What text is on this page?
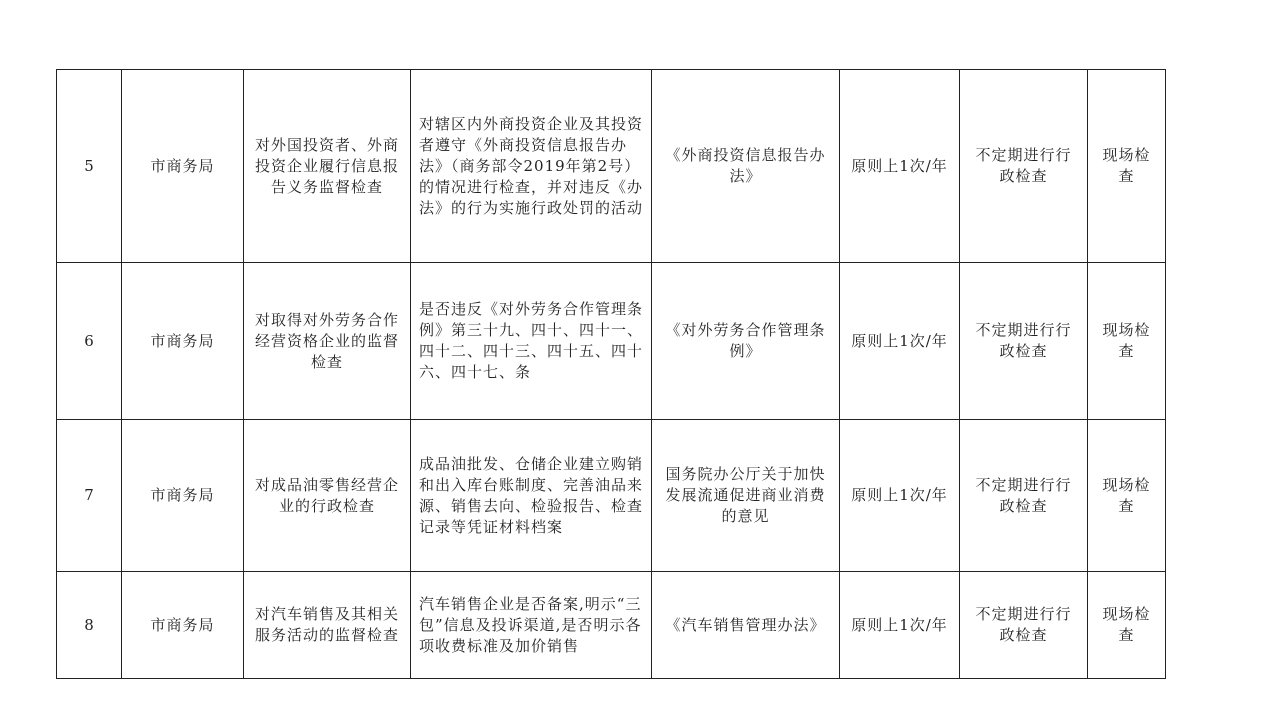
5	市商务局	对外国投资者、外商投资企业履行信息报告义务监督检查	对辖区内外商投资企业及其投资者遵守《外商投资信息报告办法》（商务部令2019年第2号）的情况进行检查，并对违反《办法》的行为实施行政处罚的活动	《外商投资信息报告办法》	原则上1次/年	不定期进行行政检查	现场检查
6	市商务局	对取得对外劳务合作经营资格企业的监督检查	是否违反《对外劳务合作管理条例》第三十九、四十、四十一、四十二、四十三、四十五、四十六、四十七、条	《对外劳务合作管理条例》	原则上1次/年	不定期进行行政检查	现场检查
7	市商务局	对成品油零售经营企业的行政检查	成品油批发、仓储企业建立购销和出入库台账制度、完善油品来源、销售去向、检验报告、检查记录等凭证材料档案	国务院办公厅关于加快发展流通促进商业消费的意见	原则上1次/年	不定期进行行政检查	现场检查
8	市商务局	对汽车销售及其相关服务活动的监督检查	汽车销售企业是否备案,明示“三包”信息及投诉渠道,是否明示各项收费标准及加价销售	《汽车销售管理办法》	原则上1次/年	不定期进行行政检查	现场检查
